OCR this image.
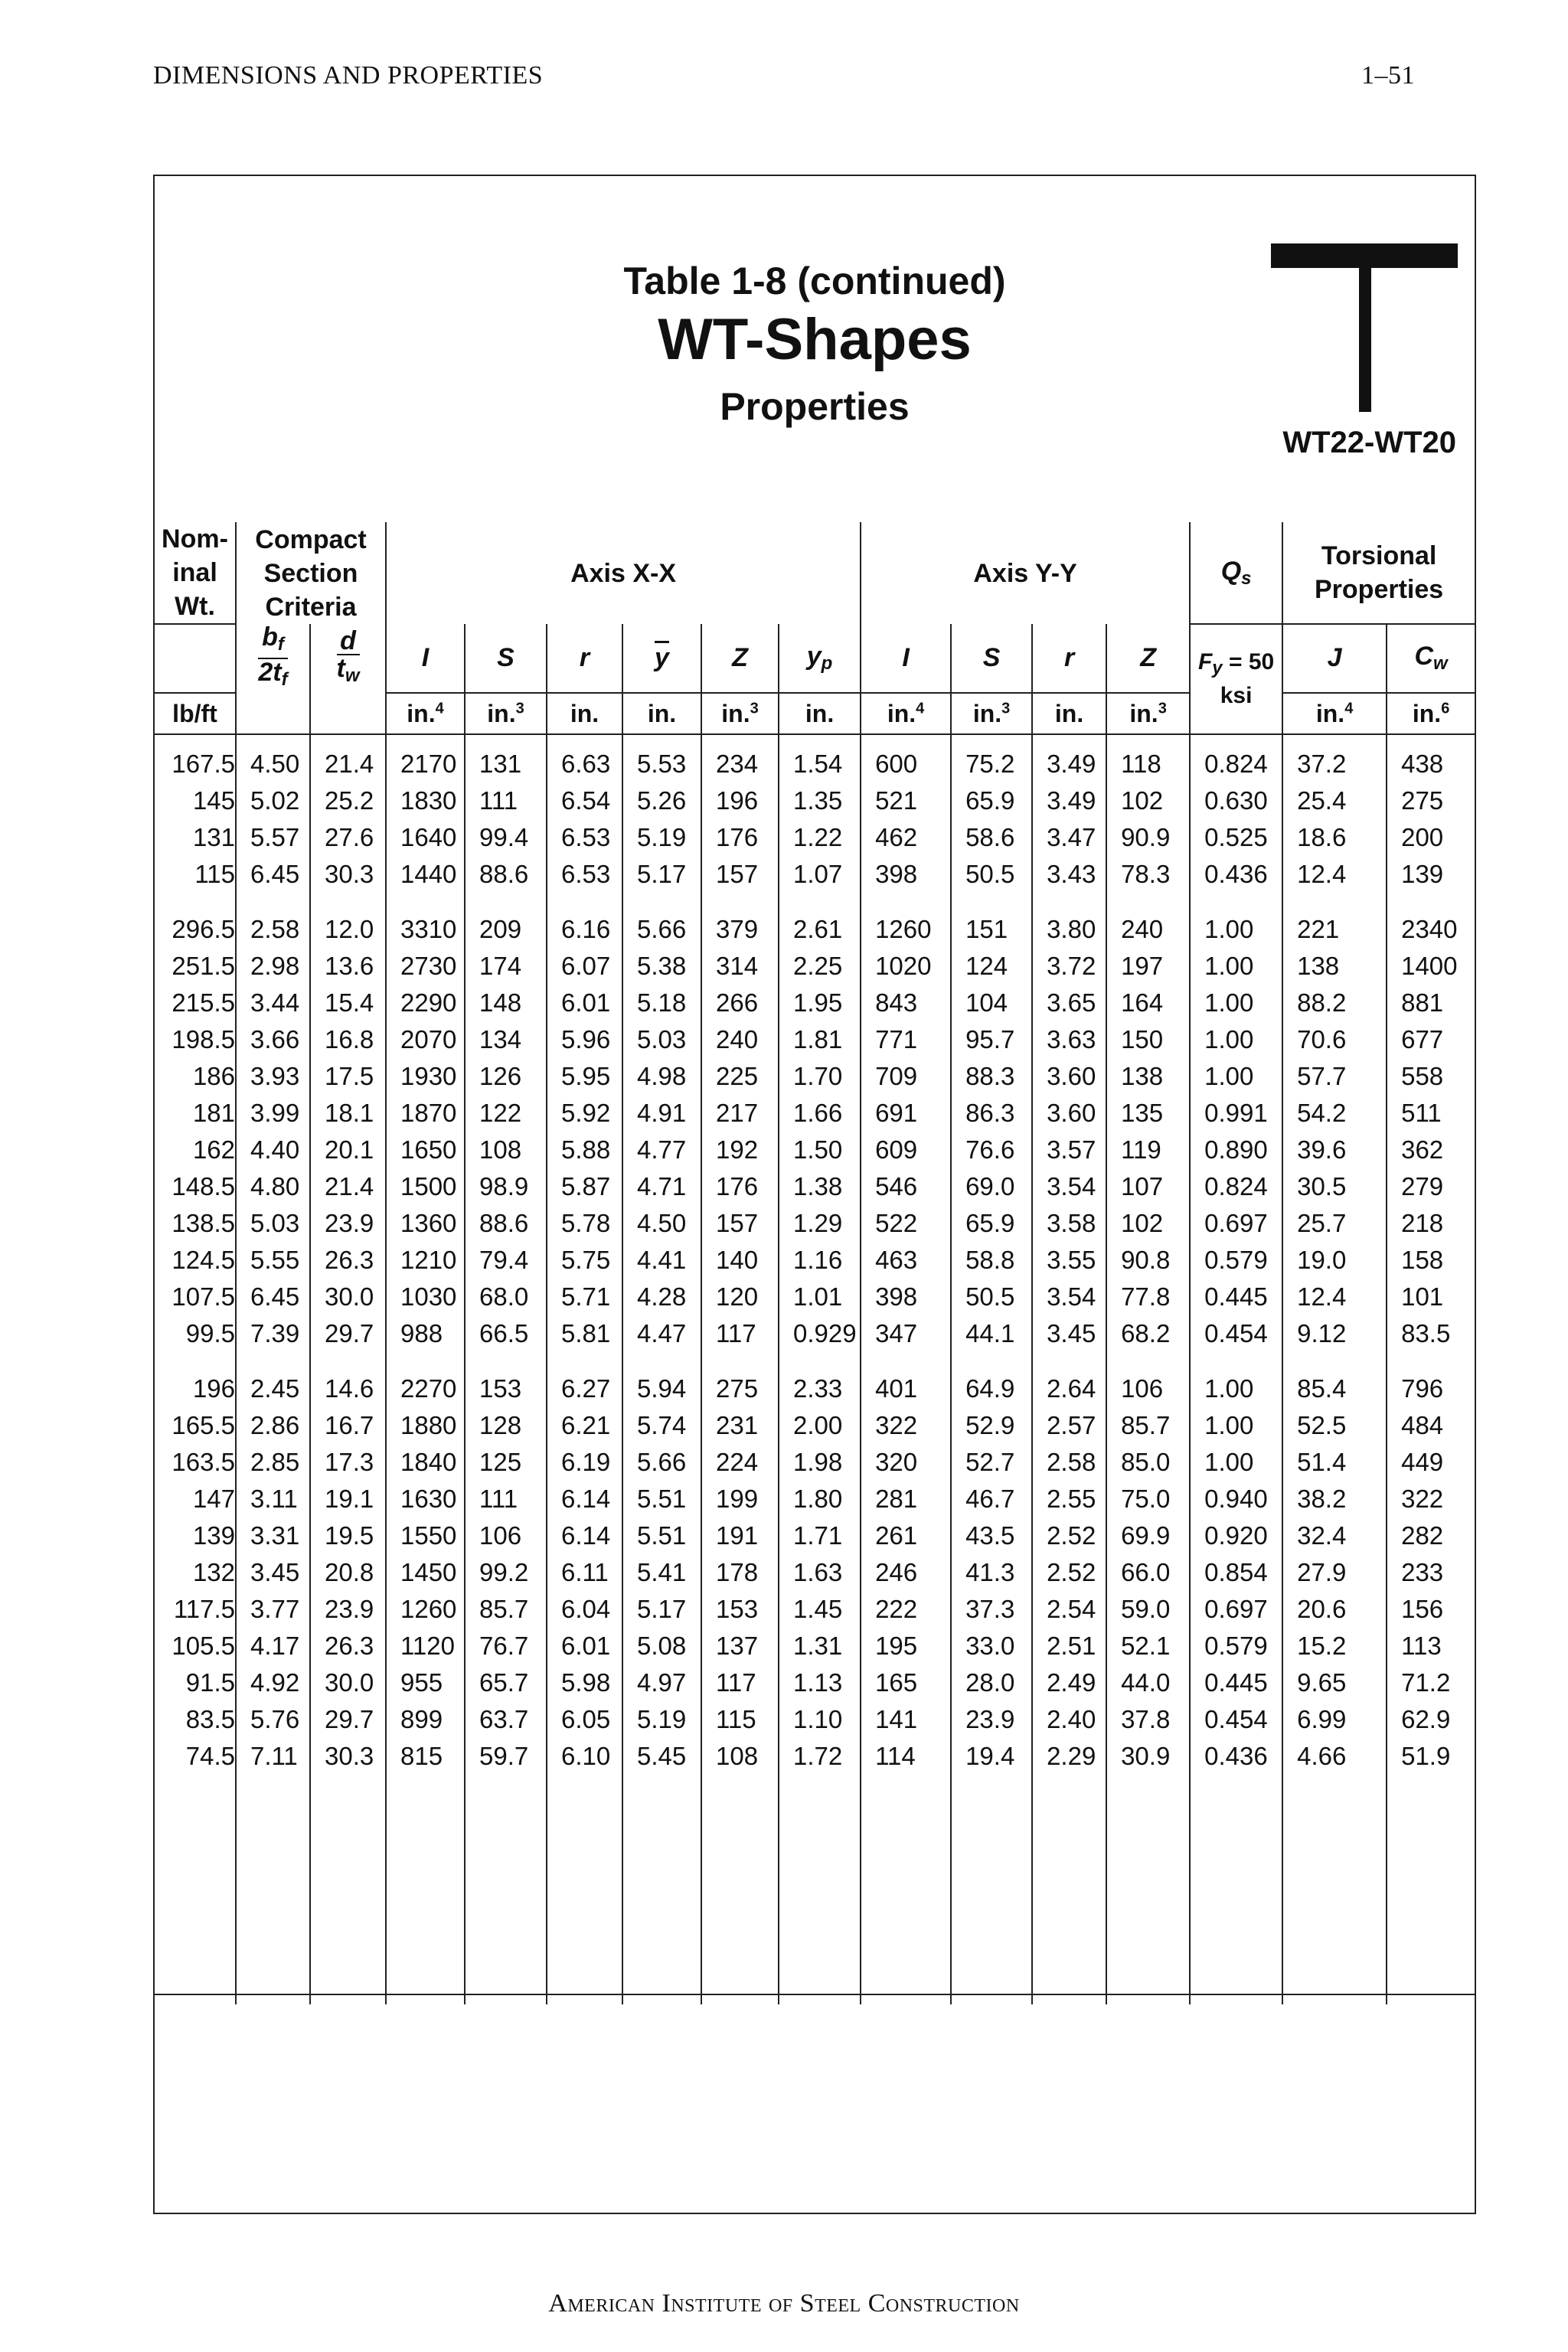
DIMENSIONS AND PROPERTIES	1–51
Table 1-8 (continued)
WT-Shapes
Properties
WT22-WT20
Nom-
inal
Wt.	Compact
Section
Criteria		Axis X-X						Axis Y-Y				$Q_s$	Torsional
Properties	

	$\frac{b_f}{2t_f}$	$\frac{d}{t_w}$	I	S	r	$\overline{y}$	Z	$y_p$	I	S	r	Z	$F_y = 50$
ksi	J	$C_w$
lb/ft			in.$^4$	in.$^3$	in.	in.	in.$^3$	in.	in.$^4$	in.$^3$	in.	in.$^3$		in.$^4$	in.$^6$
167.5	4.50	21.4	2170	131	6.63	5.53	234	1.54	600	75.2	3.49	118	0.824	37.2	438
145	5.02	25.2	1830	111	6.54	5.26	196	1.35	521	65.9	3.49	102	0.630	25.4	275
131	5.57	27.6	1640	99.4	6.53	5.19	176	1.22	462	58.6	3.47	90.9	0.525	18.6	200
115	6.45	30.3	1440	88.6	6.53	5.17	157	1.07	398	50.5	3.43	78.3	0.436	12.4	139

296.5	2.58	12.0	3310	209	6.16	5.66	379	2.61	1260	151	3.80	240	1.00	221	2340
251.5	2.98	13.6	2730	174	6.07	5.38	314	2.25	1020	124	3.72	197	1.00	138	1400
215.5	3.44	15.4	2290	148	6.01	5.18	266	1.95	843	104	3.65	164	1.00	88.2	881
198.5	3.66	16.8	2070	134	5.96	5.03	240	1.81	771	95.7	3.63	150	1.00	70.6	677
186	3.93	17.5	1930	126	5.95	4.98	225	1.70	709	88.3	3.60	138	1.00	57.7	558
181	3.99	18.1	1870	122	5.92	4.91	217	1.66	691	86.3	3.60	135	0.991	54.2	511
162	4.40	20.1	1650	108	5.88	4.77	192	1.50	609	76.6	3.57	119	0.890	39.6	362
148.5	4.80	21.4	1500	98.9	5.87	4.71	176	1.38	546	69.0	3.54	107	0.824	30.5	279
138.5	5.03	23.9	1360	88.6	5.78	4.50	157	1.29	522	65.9	3.58	102	0.697	25.7	218
124.5	5.55	26.3	1210	79.4	5.75	4.41	140	1.16	463	58.8	3.55	90.8	0.579	19.0	158
107.5	6.45	30.0	1030	68.0	5.71	4.28	120	1.01	398	50.5	3.54	77.8	0.445	12.4	101
99.5	7.39	29.7	988	66.5	5.81	4.47	117	0.929	347	44.1	3.45	68.2	0.454	9.12	83.5

196	2.45	14.6	2270	153	6.27	5.94	275	2.33	401	64.9	2.64	106	1.00	85.4	796
165.5	2.86	16.7	1880	128	6.21	5.74	231	2.00	322	52.9	2.57	85.7	1.00	52.5	484
163.5	2.85	17.3	1840	125	6.19	5.66	224	1.98	320	52.7	2.58	85.0	1.00	51.4	449
147	3.11	19.1	1630	111	6.14	5.51	199	1.80	281	46.7	2.55	75.0	0.940	38.2	322
139	3.31	19.5	1550	106	6.14	5.51	191	1.71	261	43.5	2.52	69.9	0.920	32.4	282
132	3.45	20.8	1450	99.2	6.11	5.41	178	1.63	246	41.3	2.52	66.0	0.854	27.9	233
117.5	3.77	23.9	1260	85.7	6.04	5.17	153	1.45	222	37.3	2.54	59.0	0.697	20.6	156
105.5	4.17	26.3	1120	76.7	6.01	5.08	137	1.31	195	33.0	2.51	52.1	0.579	15.2	113
91.5	4.92	30.0	955	65.7	5.98	4.97	117	1.13	165	28.0	2.49	44.0	0.445	9.65	71.2
83.5	5.76	29.7	899	63.7	6.05	5.19	115	1.10	141	23.9	2.40	37.8	0.454	6.99	62.9
74.5	7.11	30.3	815	59.7	6.10	5.45	108	1.72	114	19.4	2.29	30.9	0.436	4.66	51.9

American Institute of Steel Construction
